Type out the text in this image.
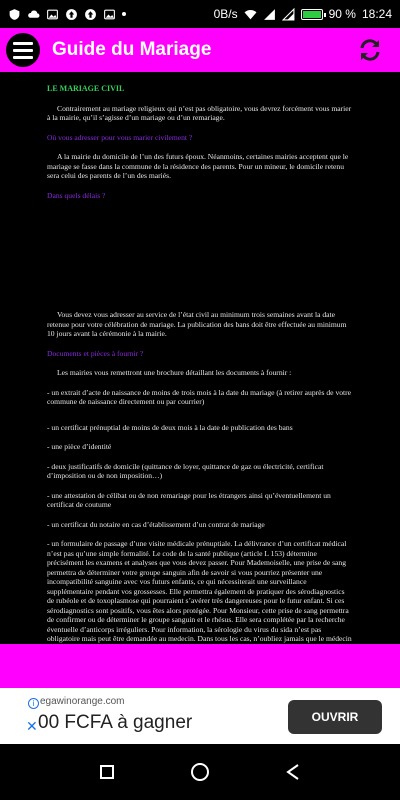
0B/s	90 % 18:24
Guide du Mariage
LE MARIAGE CIVIL

Contrairement au mariage religieux qui n’est pas obligatoire, vous devrez forcément vous marier à la mairie, qu’il s’agisse d’un mariage ou d’un remariage.

Où vous adresser pour vous marier civilement ?

A la mairie du domicile de l’un des futurs époux. Néanmoins, certaines mairies acceptent que le mariage se fasse dans la commune de la résidence des parents. Pour un mineur, le domicile retenu sera celui des parents de l’un des mariés.

Dans quels délais ?

Vous devez vous adresser au service de l’état civil au minimum trois semaines avant la date retenue pour votre célébration de mariage. La publication des bans doit être effectuée au minimum 10 jours avant la cérémonie à la mairie.

Documents et pièces à fournir ?

Les mairies vous remettront une brochure détaillant les documents à fournir :

- un extrait d’acte de naissance de moins de trois mois à la date du mariage (à retirer auprès de votre commune de naissance directement ou par courrier)

- un certificat prénuptial de moins de deux mois à la date de publication des bans

- une pièce d’identité

- deux justificatifs de domicile (quittance de loyer, quittance de gaz ou électricité, certificat d’imposition ou de non imposition…)

- une attestation de célibat ou de non remariage pour les étrangers ainsi qu’éventuellement un certificat de coutume

- un certificat du notaire en cas d’établissement d’un contrat de mariage

- un formulaire de passage d’une visite médicale prénuptiale. La délivrance d’un certificat médical n’est pas qu’une simple formalité. Le code de la santé publique (article L 153) détermine précisément les examens et analyses que vous devez passer. Pour Mademoiselle, une prise de sang permettra de déterminer votre groupe sanguin afin de savoir si vous pourriez présenter une incompatibilité sanguine avec vos futurs enfants, ce qui nécessiterait une surveillance supplémentaire pendant vos grossesses. Elle permettra également de pratiquer des sérodiagnostics de rubéole et de toxoplasmose qui pourraient s’avérer très dangereuses pour le futur enfant. Si ces sérodiagnostics sont positifs, vous êtes alors protégée. Pour Monsieur, cette prise de sang permettra de confirmer ou de déterminer le groupe sanguin et le rhésus. Elle sera complétée par la recherche éventuelle d’anticorps irréguliers. Pour information, la sérologie du virus du sida n’est pas obligatoire mais peut être demandée au medecin. Dans tous les cas, n’oubliez jamais que le médecin

i
✕
egawinorange.com
00 FCFA à gagner	OUVRIR
